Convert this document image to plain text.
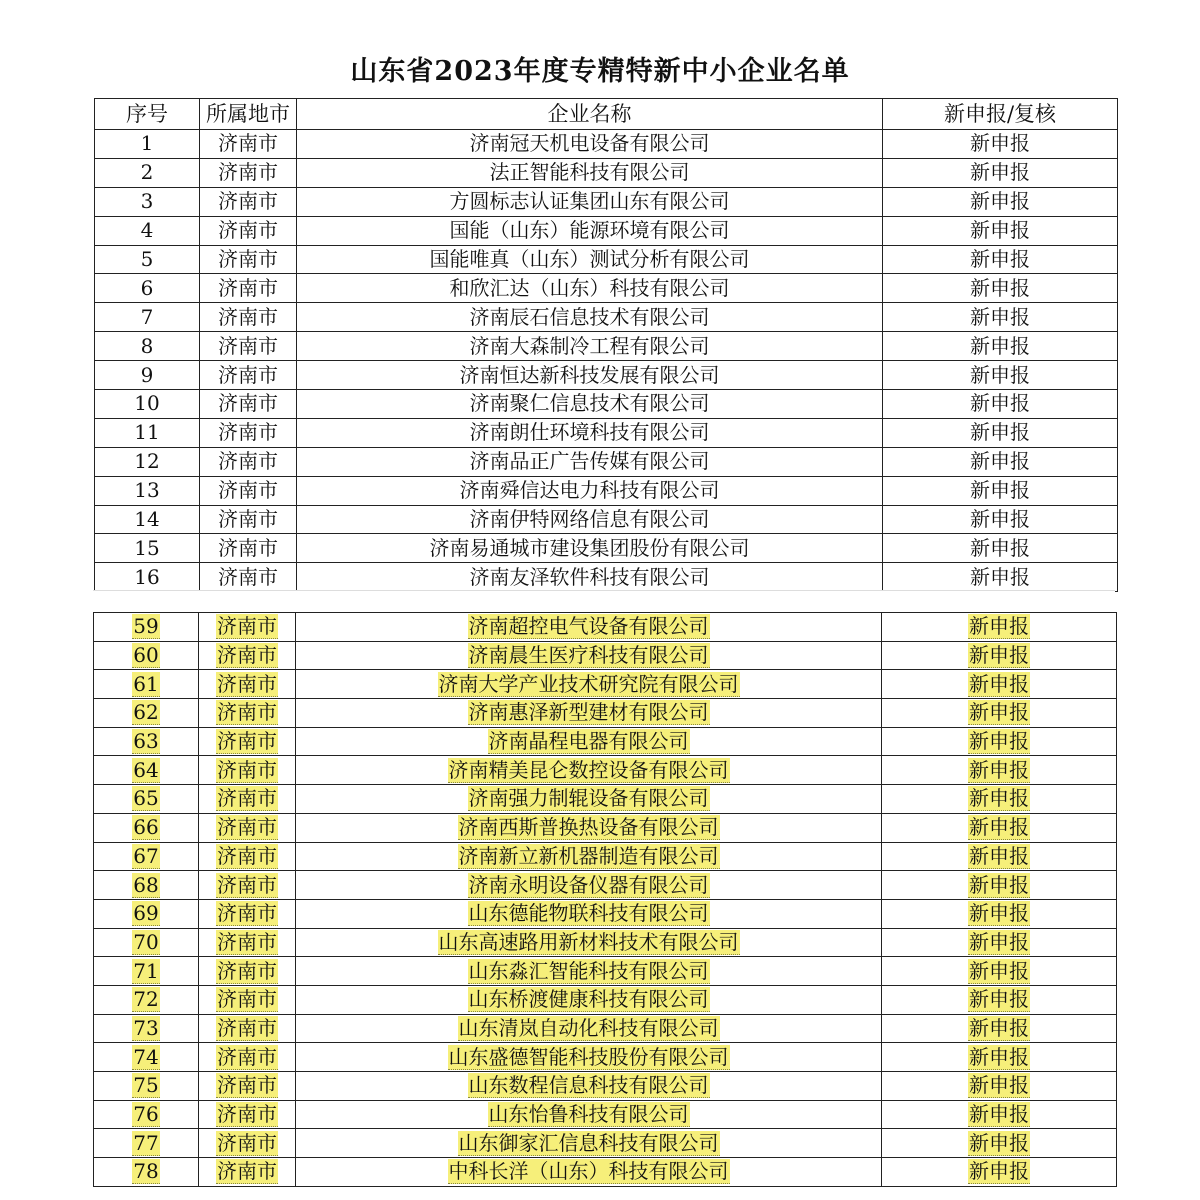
山东省2023年度专精特新中小企业名单
序号	所属地市	企业名称	新申报/复核
1	济南市	济南冠天机电设备有限公司	新申报
2	济南市	法正智能科技有限公司	新申报
3	济南市	方圆标志认证集团山东有限公司	新申报
4	济南市	国能（山东）能源环境有限公司	新申报
5	济南市	国能唯真（山东）测试分析有限公司	新申报
6	济南市	和欣汇达（山东）科技有限公司	新申报
7	济南市	济南辰石信息技术有限公司	新申报
8	济南市	济南大森制冷工程有限公司	新申报
9	济南市	济南恒达新科技发展有限公司	新申报
10	济南市	济南聚仁信息技术有限公司	新申报
11	济南市	济南朗仕环境科技有限公司	新申报
12	济南市	济南品正广告传媒有限公司	新申报
13	济南市	济南舜信达电力科技有限公司	新申报
14	济南市	济南伊特网络信息有限公司	新申报
15	济南市	济南易通城市建设集团股份有限公司	新申报
16	济南市	济南友泽软件科技有限公司	新申报
59	济南市	济南超控电气设备有限公司	新申报
60	济南市	济南晨生医疗科技有限公司	新申报
61	济南市	济南大学产业技术研究院有限公司	新申报
62	济南市	济南惠泽新型建材有限公司	新申报
63	济南市	济南晶程电器有限公司	新申报
64	济南市	济南精美昆仑数控设备有限公司	新申报
65	济南市	济南强力制辊设备有限公司	新申报
66	济南市	济南西斯普换热设备有限公司	新申报
67	济南市	济南新立新机器制造有限公司	新申报
68	济南市	济南永明设备仪器有限公司	新申报
69	济南市	山东德能物联科技有限公司	新申报
70	济南市	山东高速路用新材料技术有限公司	新申报
71	济南市	山东淼汇智能科技有限公司	新申报
72	济南市	山东桥渡健康科技有限公司	新申报
73	济南市	山东清岚自动化科技有限公司	新申报
74	济南市	山东盛德智能科技股份有限公司	新申报
75	济南市	山东数程信息科技有限公司	新申报
76	济南市	山东怡鲁科技有限公司	新申报
77	济南市	山东御家汇信息科技有限公司	新申报
78	济南市	中科长洋（山东）科技有限公司	新申报
